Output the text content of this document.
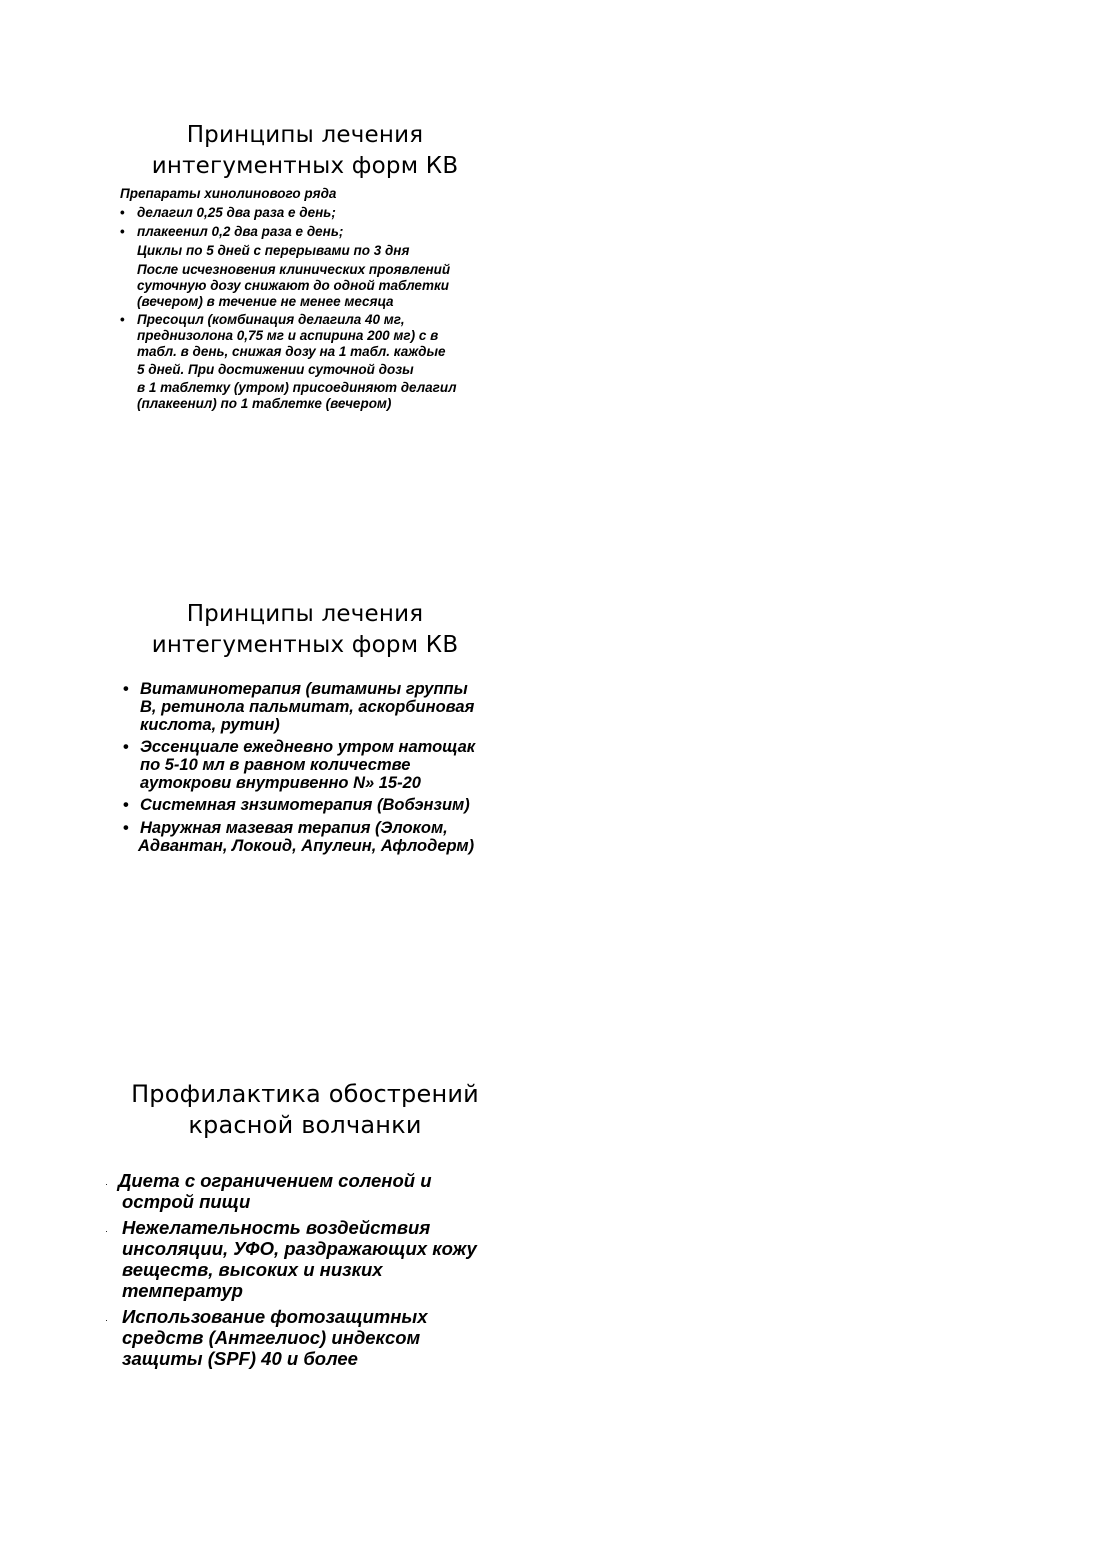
Принципы лечения
интегументных форм КВ
Препараты хинолинового ряда
• делагил 0,25 два раза е день;
• плакеенил 0,2 два раза е день;
Циклы по 5 дней с перерывами по 3 дня
После исчезновения клинических проявлений
суточную дозу снижают до одной таблетки
(вечером) в течение не менее месяца
• Пресоцил (комбинация делагила 40 мг,
преднизолона 0,75 мг и аспирина 200 мг) с в
табл. в день, снижая дозу на 1 табл. каждые
5 дней. При достижении суточной дозы
в 1 таблетку (утром) присоединяют делагил
(плакеенил) по 1 таблетке (вечером)
Принципы лечения
интегументных форм КВ
• Витаминотерапия (витамины группы
В, ретинола пальмитат, аскорбиновая
кислота, рутин)
• Эссенциале ежедневно утром натощак
по 5-10 мл в равном количестве
аутокрови внутривенно N» 15-20
• Системная знзимотерапия (Вобэнзим)
• Наружная мазевая терапия (Элоком,
Адвантан, Локоид, Апулеин, Афлодерм)
Профилактика обострений
красной волчанки
· Диета с ограничением соленой и
острой пищи
· Нежелательность воздействия
инсоляции, УФО, раздражающих кожу
веществ, высоких и низких
температур
· Использование фотозащитных
средств (Антгелиос) индексом
защиты (SPF) 40 и более
